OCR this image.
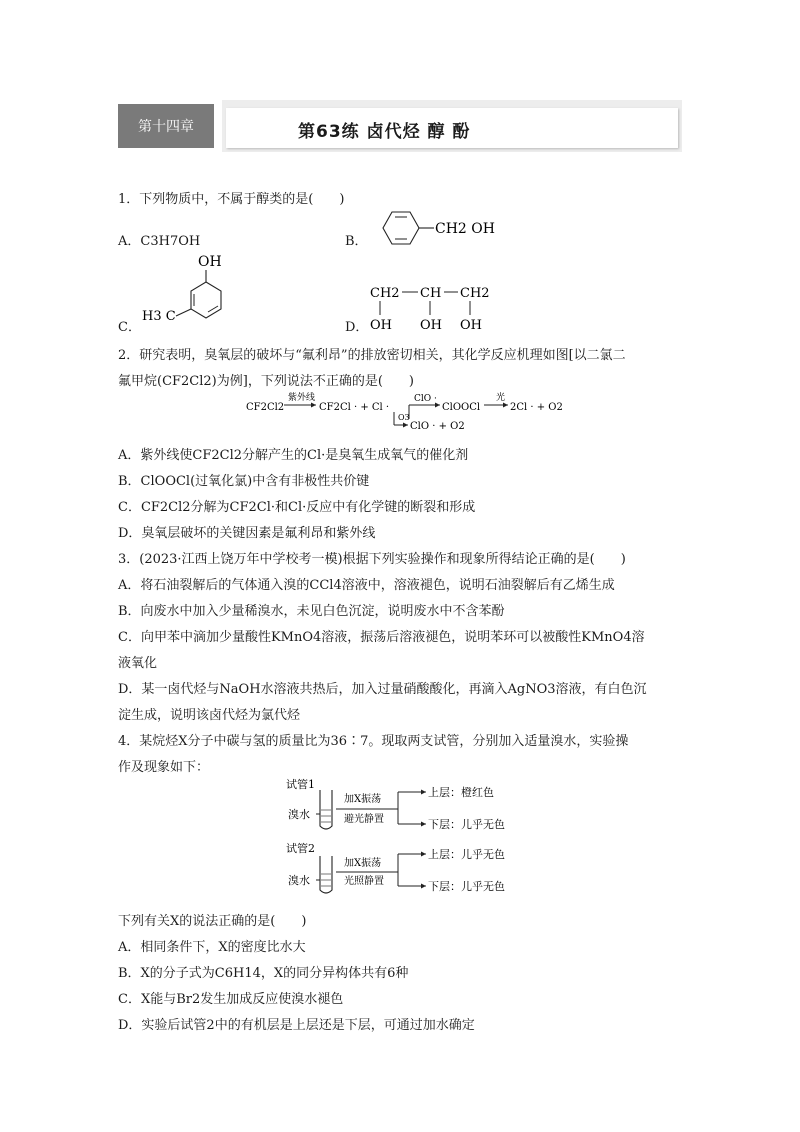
第十四章	第63练 卤代烃 醇 酚
1．下列物质中，不属于醇类的是(　　)
A．C3H7OH	B．
CH2 OH
C．
OH
H3 C
D．
CH2 CH CH2
OH OH OH
2．研究表明，臭氧层的破坏与“氟利昂”的排放密切相关，其化学反应机理如图[以二氯二
氟甲烷(CF2Cl2)为例]，下列说法不正确的是(　　)
CF2Cl2
紫外线
CF2Cl · + Cl ·
O3
ClO · + O2
ClO ·
ClOOCl
光
2Cl · + O2
A．紫外线使CF2Cl2分解产生的Cl·是臭氧生成氧气的催化剂
B．ClOOCl(过氧化氯)中含有非极性共价键
C．CF2Cl2分解为CF2Cl·和Cl·反应中有化学键的断裂和形成
D．臭氧层破坏的关键因素是氟利昂和紫外线
3．(2023·江西上饶万年中学校考一模)根据下列实验操作和现象所得结论正确的是(　　)
A．将石油裂解后的气体通入溴的CCl4溶液中，溶液褪色，说明石油裂解后有乙烯生成
B．向废水中加入少量稀溴水，未见白色沉淀，说明废水中不含苯酚
C．向甲苯中滴加少量酸性KMnO4溶液，振荡后溶液褪色，说明苯环可以被酸性KMnO4溶
液氧化
D．某一卤代烃与NaOH水溶液共热后，加入过量硝酸酸化，再滴入AgNO3溶液，有白色沉
淀生成，说明该卤代烃为氯代烃
4．某烷烃X分子中碳与氢的质量比为36∶7。现取两支试管，分别加入适量溴水，实验操
作及现象如下：
试管1
溴水
加X振荡
避光静置
上层：橙红色
下层：儿乎无色
试管2
溴水
加X振荡
光照静置
上层：儿乎无色
下层：儿乎无色
下列有关X的说法正确的是(　　)
A．相同条件下，X的密度比水大
B．X的分子式为C6H14，X的同分异构体共有6种
C．X能与Br2发生加成反应使溴水褪色
D．实验后试管2中的有机层是上层还是下层，可通过加水确定
